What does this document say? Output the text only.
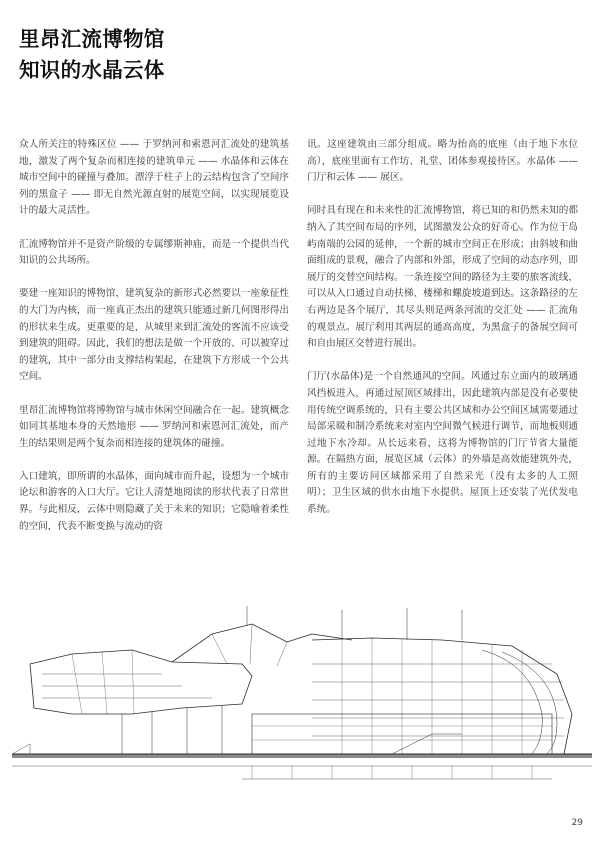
里昂汇流博物馆
知识的水晶云体

众人所关注的特殊区位 —— 于罗纳河和索恩河汇流处的建筑基地，激发了两个复杂而相连接的建筑单元 —— 水晶体和云体在城市空间中的碰撞与叠加。漂浮于柱子上的云结构包含了空间序列的黑盒子 —— 即无自然光源直射的展览空间，以实现展览设计的最大灵活性。

汇流博物馆并不是资产阶级的专属缪斯神庙，而是一个提供当代知识的公共场所。

要建一座知识的博物馆，建筑复杂的新形式必然要以一座象征性的大门为内核，而一座真正杰出的建筑只能通过新几何图形得出的形状来生成。更重要的是，从城里来到汇流处的客流不应该受到建筑的阻碍。因此，我们的想法是做一个开放的、可以被穿过的建筑，其中一部分由支撑结构架起，在建筑下方形成一个公共空间。

里昂汇流博物馆将博物馆与城市休闲空间融合在一起。建筑概念如同其基地本身的天然地形 —— 罗纳河和索恩河汇流处，而产生的结果则是两个复杂而相连接的建筑体的碰撞。

入口建筑，即所谓的水晶体，面向城市而升起，设想为一个城市论坛和游客的入口大厅。它让人清楚地阅读的形状代表了日常世界。与此相反，云体中则隐藏了关于未来的知识；它隐喻着柔性的空间，代表不断变换与流动的资

讯。这座建筑由三部分组成。略为抬高的底座（由于地下水位高），底座里面有工作坊、礼堂、团体参观接待区。水晶体 —— 门厅和云体 —— 展区。

同时具有现在和未来性的汇流博物馆，将已知的和仍然未知的都纳入了其空间布局的序列，试图激发公众的好奇心。作为位于岛屿南端的公园的延伸，一个新的城市空间正在形成；由斜坡和曲面组成的景观，融合了内部和外部，形成了空间的动态序列，即展厅的交替空间结构。一条连接空间的路径为主要的旅客流线，可以从入口通过自动扶梯、楼梯和螺旋坡道到达。这条路径的左右两边是各个展厅，其尽头则是两条河流的交汇处 —— 汇流角的观景点。展厅利用其两层的通高高度，为黑盒子的备展空间可和自由展区交替进行展出。

门厅(水晶体)是一个自然通风的空间。风通过东立面内的玻璃通风挡板进入，再通过屋顶区域排出，因此建筑内部是没有必要使用传统空调系统的，只有主要公共区域和办公空间区域需要通过局部采暖和制冷系统来对室内空间微气候进行调节，而地板则通过地下水冷却。从长远来看，这将为博物馆的门厅节省大量能源。在隔热方面，展览区域（云体）的外墙是高效能建筑外壳，所有的主要访问区域都采用了自然采光（没有太多的人工照明）；卫生区域的供水由地下水提供。屋顶上还安装了光伏发电系统。

29
